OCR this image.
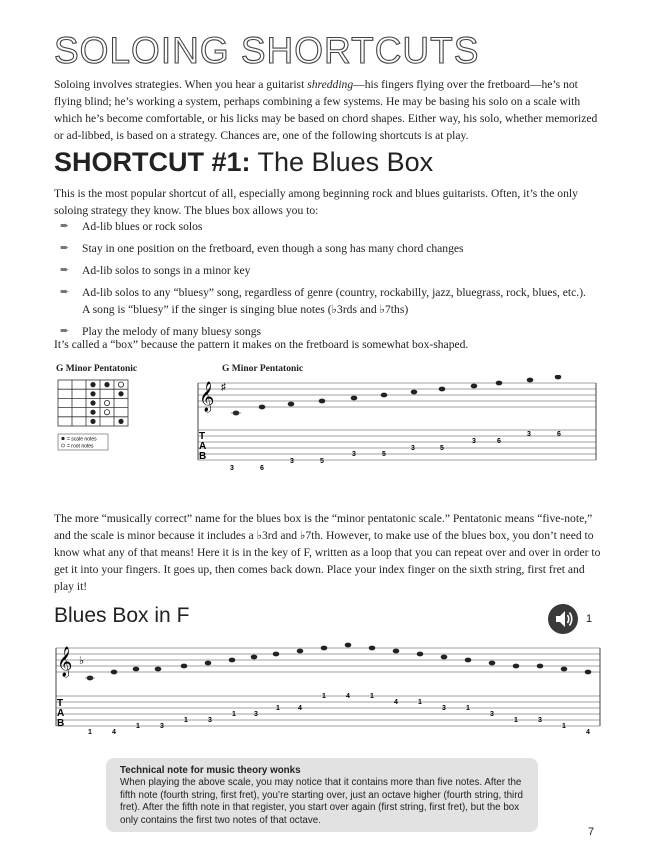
SOLOING SHORTCUTS

Soloing involves strategies. When you hear a guitarist shredding—his fingers flying over the fretboard—he’s not flying blind; he’s working a system, perhaps combining a few systems. He may be basing his solo on a scale with which he’s become comfortable, or his licks may be based on chord shapes. Either way, his solo, whether memorized or ad-libbed, is based on a strategy. Chances are, one of the following shortcuts is at play.

SHORTCUT #1: The Blues Box

This is the most popular shortcut of all, especially among beginning rock and blues guitarists. Often, it’s the only soloing strategy they know. The blues box allows you to:

➨ Ad-lib blues or rock solos
➨ Stay in one position on the fretboard, even though a song has many chord changes
➨ Ad-lib solos to songs in a minor key
➨ Ad-lib solos to any “bluesy” song, regardless of genre (country, rockabilly, jazz, bluegrass, rock, blues, etc.). A song is “bluesy” if the singer is singing blue notes (♭3rds and ♭7ths)
➨ Play the melody of many bluesy songs

It’s called a “box” because the pattern it makes on the fretboard is somewhat box-shaped.

G Minor Pentatonic
= scale notes
= root notes
G Minor Pentatonic
𝄞 ♯
T
A
B
3	6
3	5
3	5
3	5
3	6
3	6

The more “musically correct” name for the blues box is the “minor pentatonic scale.” Pentatonic means “five-note,” and the scale is minor because it includes a ♭3rd and ♭7th. However, to make use of the blues box, you don’t need to know what any of that means! Here it is in the key of F, written as a loop that you can repeat over and over in order to get it into your fingers. It goes up, then comes back down. Place your index finger on the sixth string, first fret and play it!

Blues Box in F	1
𝄞 ♭
T
A
B
1	4
1	3
1	3
1	3
1	4
1	4	1
4	1
3	1
3
1	3
1
4
Technical note for music theory wonks
When playing the above scale, you may notice that it contains more than five notes. After the fifth note (fourth string, first fret), you’re starting over, just an octave higher (fourth string, third fret). After the fifth note in that register, you start over again (first string, first fret), but the box only contains the first two notes of that octave.
7
